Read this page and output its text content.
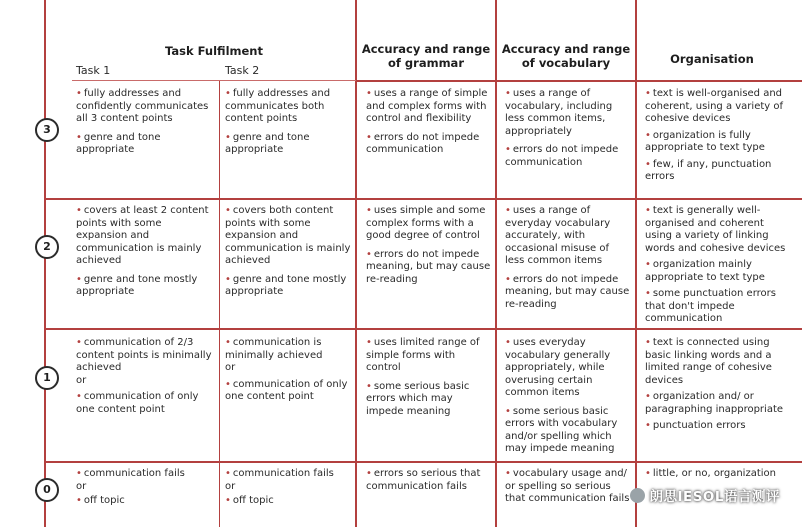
Task Fulfilment
Task 1	Task 2
Accuracy and range
of grammar
Accuracy and range
of vocabulary	Organisation
3
2
1
0

• fully addresses and confidently communicates all 3 content points

• genre and tone appropriate

• fully addresses and communicates both content points

• genre and tone appropriate

• uses a range of simple and complex forms with control and flexibility

• errors do not impede communication

• uses a range of vocabulary, including less common items, appropriately

• errors do not impede communication

• text is well-organised and coherent, using a variety of cohesive devices

• organization is fully appropriate to text type

• few, if any, punctuation errors

• covers at least 2 content points with some expansion and communication is mainly achieved

• genre and tone mostly appropriate

• covers both content points with some expansion and communication is mainly achieved

• genre and tone mostly appropriate

• uses simple and some complex forms with a good degree of control

• errors do not impede meaning, but may cause re-reading

• uses a range of everyday vocabulary accurately, with occasional misuse of less common items

• errors do not impede meaning, but may cause re-reading

• text is generally well-organised and coherent using a variety of linking words and cohesive devices

• organization mainly appropriate to text type

• some punctuation errors that don't impede communication

• communication of 2/3 content points is minimally achieved

or

• communication of only one content point

• communication is minimally achieved

or

• communication of only one content point

• uses limited range of simple forms with control

• some serious basic errors which may impede meaning

• uses everyday vocabulary generally appropriately, while overusing certain common items

• some serious basic errors with vocabulary and/or spelling which may impede meaning

• text is connected using basic linking words and a limited range of cohesive devices

• organization and/ or paragraphing inappropriate

• punctuation errors

• communication fails

or

• off topic

• communication fails

or

• off topic

• errors so serious that communication fails

• vocabulary usage and/ or spelling so serious that communication fails

• little, or no, organization

朗思IESOL语言测评
